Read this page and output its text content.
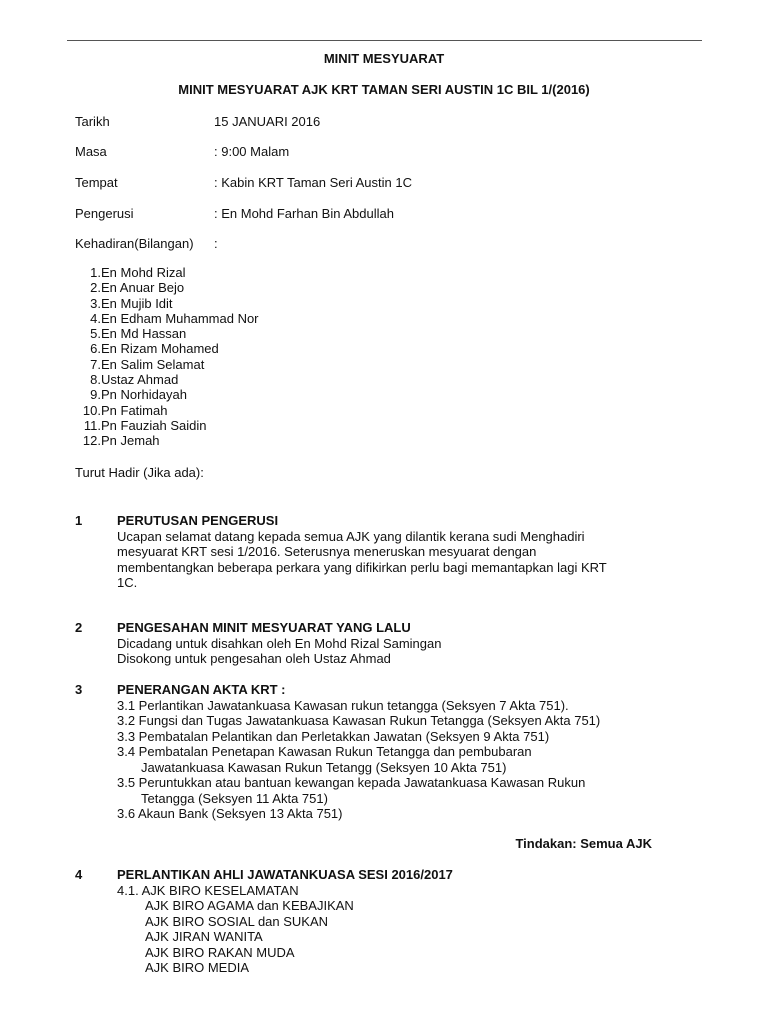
MINIT MESYUARAT
MINIT MESYUARAT AJK KRT TAMAN SERI AUSTIN 1C BIL 1/(2016)
Tarikh	15 JANUARI 2016
Masa	: 9:00 Malam
Tempat	: Kabin KRT Taman Seri Austin 1C
Pengerusi	: En Mohd Farhan Bin Abdullah
Kehadiran(Bilangan) :
1. En Mohd Rizal
2. En Anuar Bejo
3. En Mujib Idit
4. En Edham Muhammad Nor
5. En Md Hassan
6. En Rizam Mohamed
7. En Salim Selamat
8. Ustaz Ahmad
9. Pn Norhidayah
10. Pn Fatimah
11. Pn Fauziah Saidin
12. Pn Jemah
Turut Hadir (Jika ada):
1	PERUTUSAN PENGERUSI
Ucapan selamat datang kepada semua AJK yang dilantik kerana sudi Menghadiri
mesyuarat KRT sesi 1/2016. Seterusnya meneruskan mesyuarat dengan
membentangkan beberapa perkara yang difikirkan perlu bagi memantapkan lagi KRT
1C.
2	PENGESAHAN MINIT MESYUARAT YANG LALU
Dicadang untuk disahkan oleh En Mohd Rizal Samingan
Disokong untuk pengesahan oleh Ustaz Ahmad
3	PENERANGAN AKTA KRT :
3.1 Perlantikan Jawatankuasa Kawasan rukun tetangga (Seksyen 7 Akta 751).
3.2 Fungsi dan Tugas Jawatankuasa Kawasan Rukun Tetangga (Seksyen Akta 751)
3.3 Pembatalan Pelantikan dan Perletakkan Jawatan (Seksyen 9 Akta 751)
3.4 Pembatalan Penetapan Kawasan Rukun Tetangga dan pembubaran
Jawatankuasa Kawasan Rukun Tetangg (Seksyen 10 Akta 751)
3.5 Peruntukkan atau bantuan kewangan kepada Jawatankuasa Kawasan Rukun
Tetangga (Seksyen 11 Akta 751)
3.6 Akaun Bank (Seksyen 13 Akta 751)
Tindakan: Semua AJK
4	PERLANTIKAN AHLI JAWATANKUASA SESI 2016/2017
4.1. AJK BIRO KESELAMATAN
AJK BIRO AGAMA dan KEBAJIKAN
AJK BIRO SOSIAL dan SUKAN
AJK JIRAN WANITA
AJK BIRO RAKAN MUDA
AJK BIRO MEDIA
